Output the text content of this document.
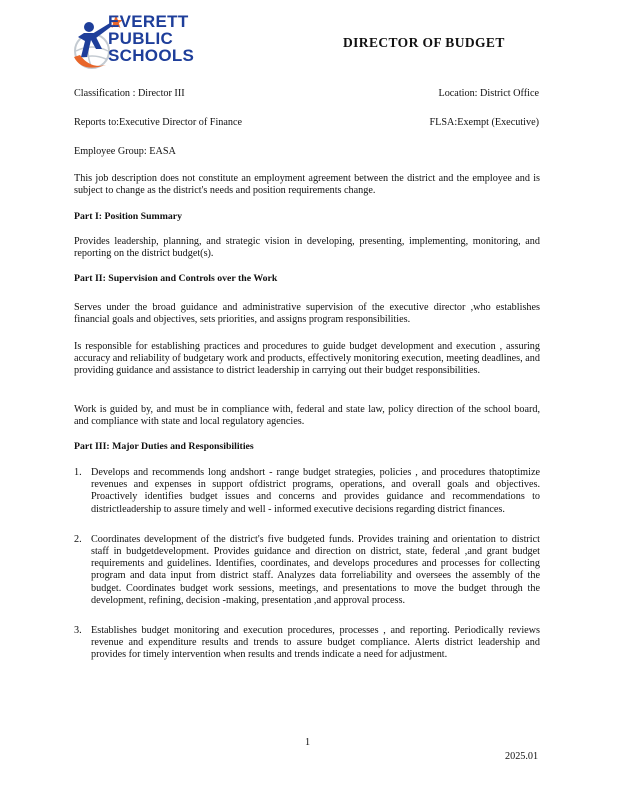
EVERETT
PUBLIC
SCHOOLS
DIRECTOR OF BUDGET
Classification : Director III	Location: District Office
Reports to:Executive Director of Finance	FLSA:Exempt (Executive)
Employee Group: EASA
This job description does not constitute an employment agreement between the district and the employee and is subject to change as the district's needs and position requirements change.
Part I: Position Summary
Provides leadership, planning, and strategic vision in developing, presenting, implementing, monitoring, and reporting on the district budget(s).
Part II: Supervision and Controls over the Work
Serves under the broad guidance and administrative supervision of the executive director ,who establishes financial goals and objectives, sets priorities, and assigns program responsibilities.
Is responsible for establishing practices and procedures to guide budget development and execution , assuring accuracy and reliability of budgetary work and products, effectively monitoring execution, meeting deadlines, and providing guidance and assistance to district leadership in carrying out their budget responsibilities.
Work is guided by, and must be in compliance with, federal and state law, policy direction of the school board, and compliance with state and local regulatory agencies.
Part III: Major Duties and Responsibilities
1. Develops and recommends long andshort - range budget strategies, policies , and procedures thatoptimize revenues and expenses in support ofdistrict programs, operations, and overall goals and objectives. Proactively identifies budget issues and concerns and provides guidance and recommendations to districtleadership to assure timely and well - informed executive decisions regarding district finances.
2. Coordinates development of the district's five budgeted funds. Provides training and orientation to district staff in budgetdevelopment. Provides guidance and direction on district, state, federal ,and grant budget requirements and guidelines. Identifies, coordinates, and develops procedures and processes for collecting program and data input from district staff. Analyzes data forreliability and oversees the assembly of the budget. Coordinates budget work sessions, meetings, and presentations to move the budget through the development, refining, decision -making, presentation ,and approval process.
3. Establishes budget monitoring and execution procedures, processes , and reporting. Periodically reviews revenue and expenditure results and trends to assure budget compliance. Alerts district leadership and provides for timely intervention when results and trends indicate a need for adjustment.
1
2025.01
